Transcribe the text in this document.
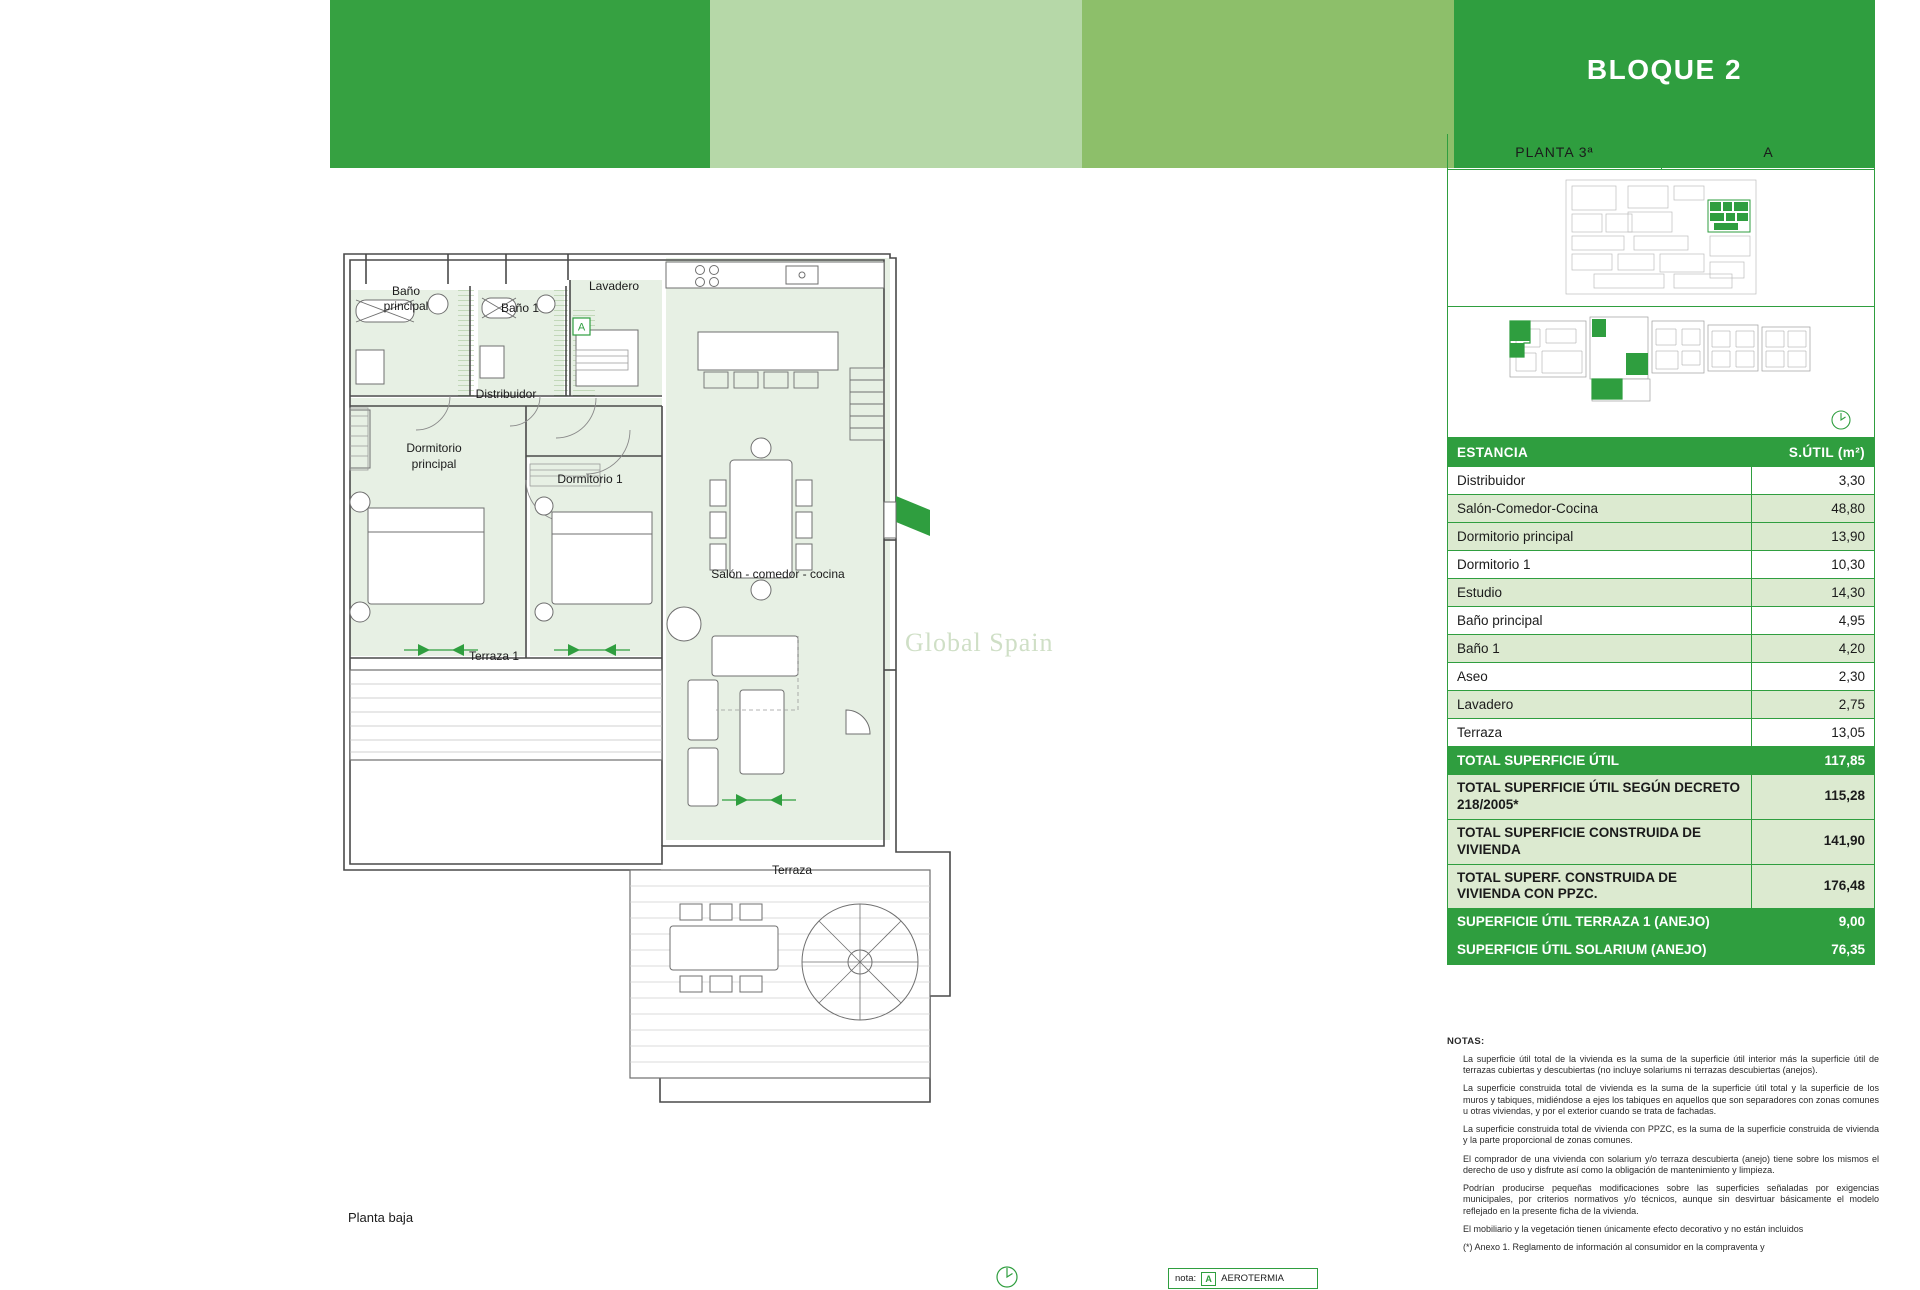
BLOQUE 2
PLANTA 3ª	A
ESTANCIA	S.ÚTIL (m²)
Distribuidor	3,30
Salón-Comedor-Cocina	48,80
Dormitorio principal	13,90
Dormitorio 1	10,30
Estudio	14,30
Baño principal	4,95
Baño 1	4,20
Aseo	2,30
Lavadero	2,75
Terraza	13,05
TOTAL SUPERFICIE ÚTIL	117,85
TOTAL SUPERFICIE ÚTIL SEGÚN DECRETO 218/2005*	115,28
TOTAL SUPERFICIE CONSTRUIDA DE VIVIENDA	141,90
TOTAL SUPERF. CONSTRUIDA DE VIVIENDA CON PPZC.	176,48
SUPERFICIE ÚTIL TERRAZA 1 (ANEJO)	9,00
SUPERFICIE ÚTIL SOLARIUM (ANEJO)	76,35
NOTAS:

La superficie útil total de la vivienda es la suma de la superficie útil interior más la superficie útil de terrazas cubiertas y descubiertas (no incluye solariums ni terrazas descubiertas (anejos).

La superficie construida total de vivienda es la suma de la superficie útil total y la superficie de los muros y tabiques, midiéndose a ejes los tabiques en aquellos que son separadores con zonas comunes u otras viviendas, y por el exterior cuando se trata de fachadas.

La superficie construida total de vivienda con PPZC, es la suma de la superficie construida de vivienda y la parte proporcional de zonas comunes.

El comprador de una vivienda con solarium y/o terraza descubierta (anejo) tiene sobre los mismos el derecho de uso y disfrute así como la obligación de mantenimiento y limpieza.

Podrían producirse pequeñas modificaciones sobre las superficies señaladas por exigencias municipales, por criterios normativos y/o técnicos, aunque sin desvirtuar básicamente el modelo reflejado en la presente ficha de la vivienda.

El mobiliario y la vegetación tienen únicamente efecto decorativo y no están incluidos

(*) Anexo 1. Reglamento de información al consumidor en la compraventa y

Baño
principal	Baño 1
Lavadero
Distribuidor
Dormitorio
principal
Dormitorio 1
Salón - comedor - cocina
Terraza 1
Terraza
A
Global Spain
Planta baja
nota:	A AEROTERMIA
